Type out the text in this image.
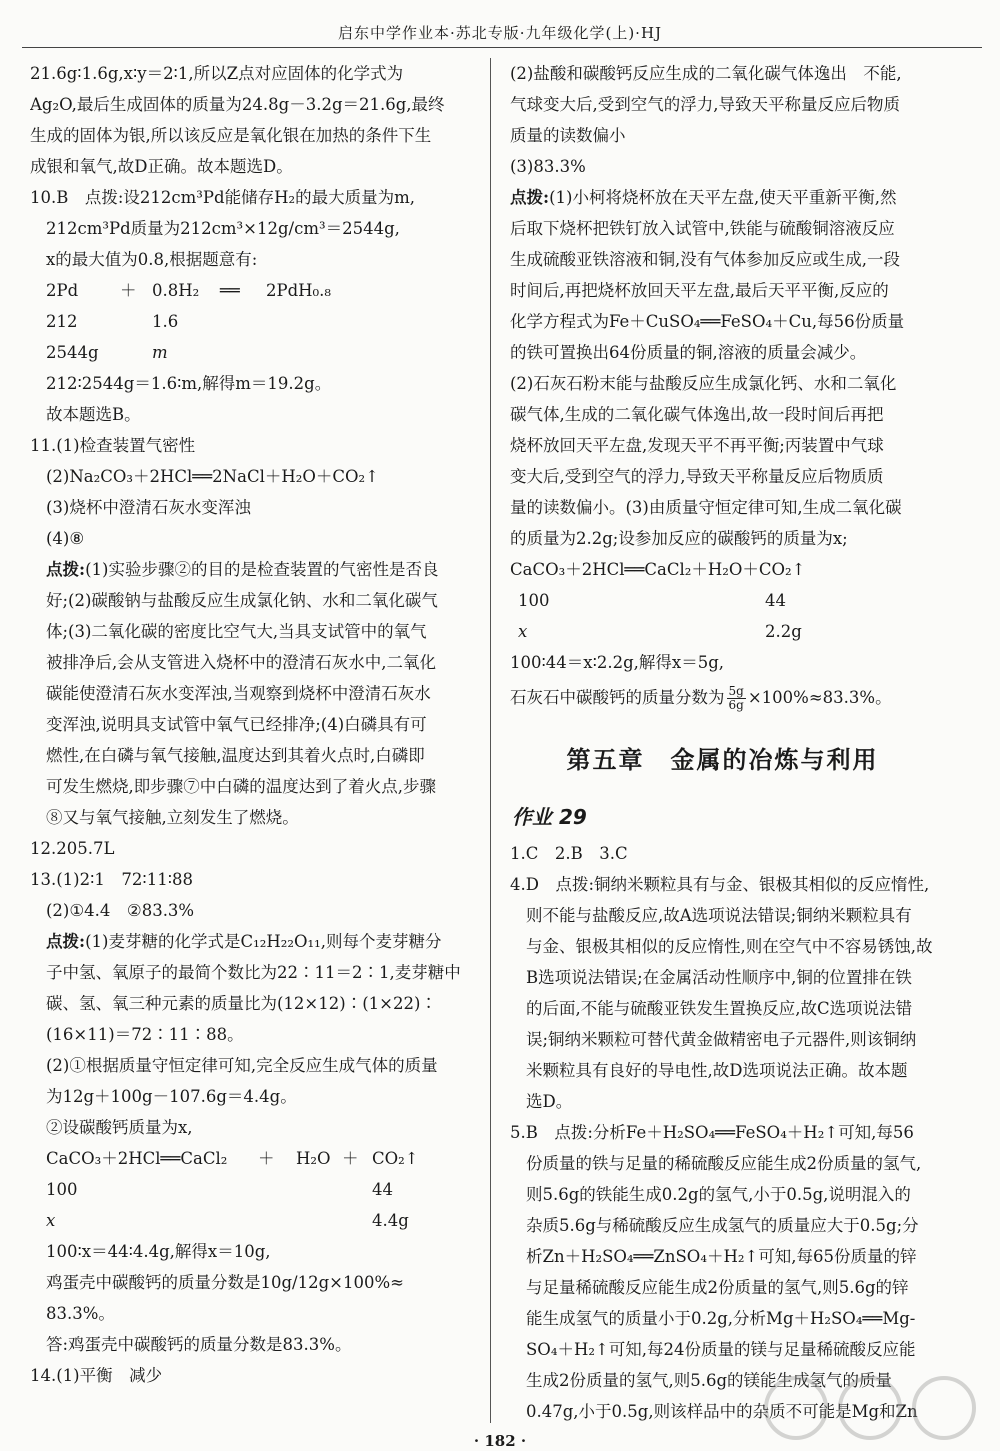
启东中学作业本·苏北专版·九年级化学(上)·HJ
21.6g∶1.6g,x∶y＝2∶1,所以Z点对应固体的化学式为
Ag₂O,最后生成固体的质量为24.8g－3.2g＝21.6g,最终
生成的固体为银,所以该反应是氧化银在加热的条件下生
成银和氧气,故D正确。故本题选D。
10.B　点拨:设212cm³Pd能储存H₂的最大质量为m,
212cm³Pd质量为212cm³×12g/cm³＝2544g,
x的最大值为0.8,根据题意有:
2Pd	＋ 0.8H₂ ══ 2PdH₀.₈
212	1.6
2544g	m
212∶2544g＝1.6∶m,解得m＝19.2g。
故本题选B。
11.(1)检查装置气密性
(2)Na₂CO₃＋2HCl══2NaCl＋H₂O＋CO₂↑
(3)烧杯中澄清石灰水变浑浊
(4)⑧
点拨:(1)实验步骤②的目的是检查装置的气密性是否良
好;(2)碳酸钠与盐酸反应生成氯化钠、水和二氧化碳气
体;(3)二氧化碳的密度比空气大,当具支试管中的氧气
被排净后,会从支管进入烧杯中的澄清石灰水中,二氧化
碳能使澄清石灰水变浑浊,当观察到烧杯中澄清石灰水
变浑浊,说明具支试管中氧气已经排净;(4)白磷具有可
燃性,在白磷与氧气接触,温度达到其着火点时,白磷即
可发生燃烧,即步骤⑦中白磷的温度达到了着火点,步骤
⑧又与氧气接触,立刻发生了燃烧。
12.205.7L
13.(1)2∶1　72∶11∶88
(2)①4.4　②83.3%
点拨:(1)麦芽糖的化学式是C₁₂H₂₂O₁₁,则每个麦芽糖分
子中氢、氧原子的最简个数比为22∶11＝2∶1,麦芽糖中
碳、氢、氧三种元素的质量比为(12×12)∶(1×22)∶
(16×11)＝72∶11∶88。
(2)①根据质量守恒定律可知,完全反应生成气体的质量
为12g＋100g－107.6g＝4.4g。
②设碳酸钙质量为x,
CaCO₃＋2HCl══CaCl₂ ＋ H₂O ＋ CO₂↑
100	44
x	4.4g
100∶x＝44∶4.4g,解得x＝10g,
鸡蛋壳中碳酸钙的质量分数是10g/12g×100%≈
83.3%。
答:鸡蛋壳中碳酸钙的质量分数是83.3%。
14.(1)平衡　减少
(2)盐酸和碳酸钙反应生成的二氧化碳气体逸出　不能,
气球变大后,受到空气的浮力,导致天平称量反应后物质
质量的读数偏小
(3)83.3%
点拨:(1)小柯将烧杯放在天平左盘,使天平重新平衡,然
后取下烧杯把铁钉放入试管中,铁能与硫酸铜溶液反应
生成硫酸亚铁溶液和铜,没有气体参加反应或生成,一段
时间后,再把烧杯放回天平左盘,最后天平平衡,反应的
化学方程式为Fe＋CuSO₄══FeSO₄＋Cu,每56份质量
的铁可置换出64份质量的铜,溶液的质量会减少。
(2)石灰石粉末能与盐酸反应生成氯化钙、水和二氧化
碳气体,生成的二氧化碳气体逸出,故一段时间后再把
烧杯放回天平左盘,发现天平不再平衡;丙装置中气球
变大后,受到空气的浮力,导致天平称量反应后物质质
量的读数偏小。(3)由质量守恒定律可知,生成二氧化碳
的质量为2.2g;设参加反应的碳酸钙的质量为x;
CaCO₃＋2HCl══CaCl₂＋H₂O＋CO₂↑
100	44
x	2.2g
100∶44＝x∶2.2g,解得x＝5g,
石灰石中碳酸钙的质量分数为 $\frac{5g}{6g} \times 100\%\approx 83.3\%$。
第五章　金属的冶炼与利用
作业 29
1.C　2.B　3.C
4.D　点拨:铜纳米颗粒具有与金、银极其相似的反应惰性,
则不能与盐酸反应,故A选项说法错误;铜纳米颗粒具有
与金、银极其相似的反应惰性,则在空气中不容易锈蚀,故
B选项说法错误;在金属活动性顺序中,铜的位置排在铁
的后面,不能与硫酸亚铁发生置换反应,故C选项说法错
误;铜纳米颗粒可替代黄金做精密电子元器件,则该铜纳
米颗粒具有良好的导电性,故D选项说法正确。故本题
选D。
5.B　点拨:分析Fe＋H₂SO₄══FeSO₄＋H₂↑可知,每56
份质量的铁与足量的稀硫酸反应能生成2份质量的氢气,
则5.6g的铁能生成0.2g的氢气,小于0.5g,说明混入的
杂质5.6g与稀硫酸反应生成氢气的质量应大于0.5g;分
析Zn＋H₂SO₄══ZnSO₄＋H₂↑可知,每65份质量的锌
与足量稀硫酸反应能生成2份质量的氢气,则5.6g的锌
能生成氢气的质量小于0.2g,分析Mg＋H₂SO₄══Mg-
SO₄＋H₂↑可知,每24份质量的镁与足量稀硫酸反应能
生成2份质量的氢气,则5.6g的镁能生成氢气的质量
0.47g,小于0.5g,则该样品中的杂质不可能是Mg和Zn
· 182 ·
